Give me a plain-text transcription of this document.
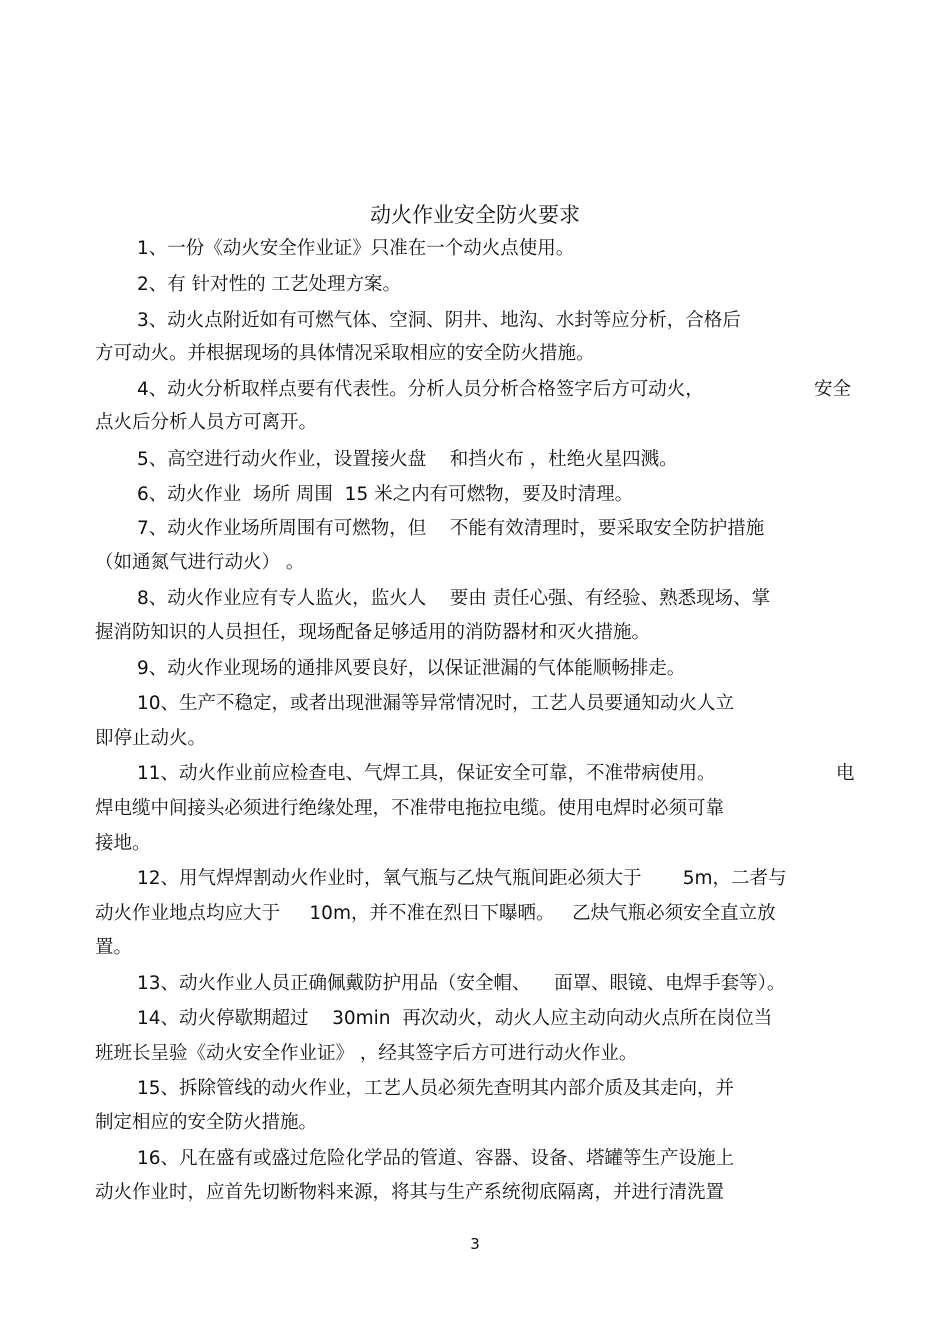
动火作业安全防火要求
1、一份《动火安全作业证》只准在一个动火点使用。
2、有 针对性的 工艺处理方案。
3、动火点附近如有可燃气体、空洞、阴井、地沟、水封等应分析，合格后
方可动火。并根据现场的具体情况采取相应的安全防火措施。
4、动火分析取样点要有代表性。分析人员分析合格签字后方可动火，	安全
点火后分析人员方可离开。
5、高空进行动火作业，设置接火盘    和挡火布 ，杜绝火星四溅。
6、动火作业  场所 周围  15 米之内有可燃物，要及时清理。
7、动火作业场所周围有可燃物，但    不能有效清理时，要采取安全防护措施
（如通氮气进行动火） 。
8、动火作业应有专人监火，监火人    要由 责任心强、有经验、熟悉现场、掌
握消防知识的人员担任，现场配备足够适用的消防器材和灭火措施。
9、动火作业现场的通排风要良好，以保证泄漏的气体能顺畅排走。
10、生产不稳定，或者出现泄漏等异常情况时，工艺人员要通知动火人立
即停止动火。
11、动火作业前应检查电、气焊工具，保证安全可靠，不准带病使用。	电
焊电缆中间接头必须进行绝缘处理，不准带电拖拉电缆。使用电焊时必须可靠
接地。
12、用气焊焊割动火作业时，氧气瓶与乙炔气瓶间距必须大于       5m，二者与
动火作业地点均应大于     10m，并不准在烈日下曝晒。   乙炔气瓶必须安全直立放
置。
13、动火作业人员正确佩戴防护用品（安全帽、    面罩、眼镜、电焊手套等）。
14、动火停歇期超过    30min  再次动火，动火人应主动向动火点所在岗位当
班班长呈验《动火安全作业证》 ，经其签字后方可进行动火作业。
15、拆除管线的动火作业，工艺人员必须先查明其内部介质及其走向，并
制定相应的安全防火措施。
16、凡在盛有或盛过危险化学品的管道、容器、设备、塔罐等生产设施上
动火作业时，应首先切断物料来源，将其与生产系统彻底隔离，并进行清洗置
3
